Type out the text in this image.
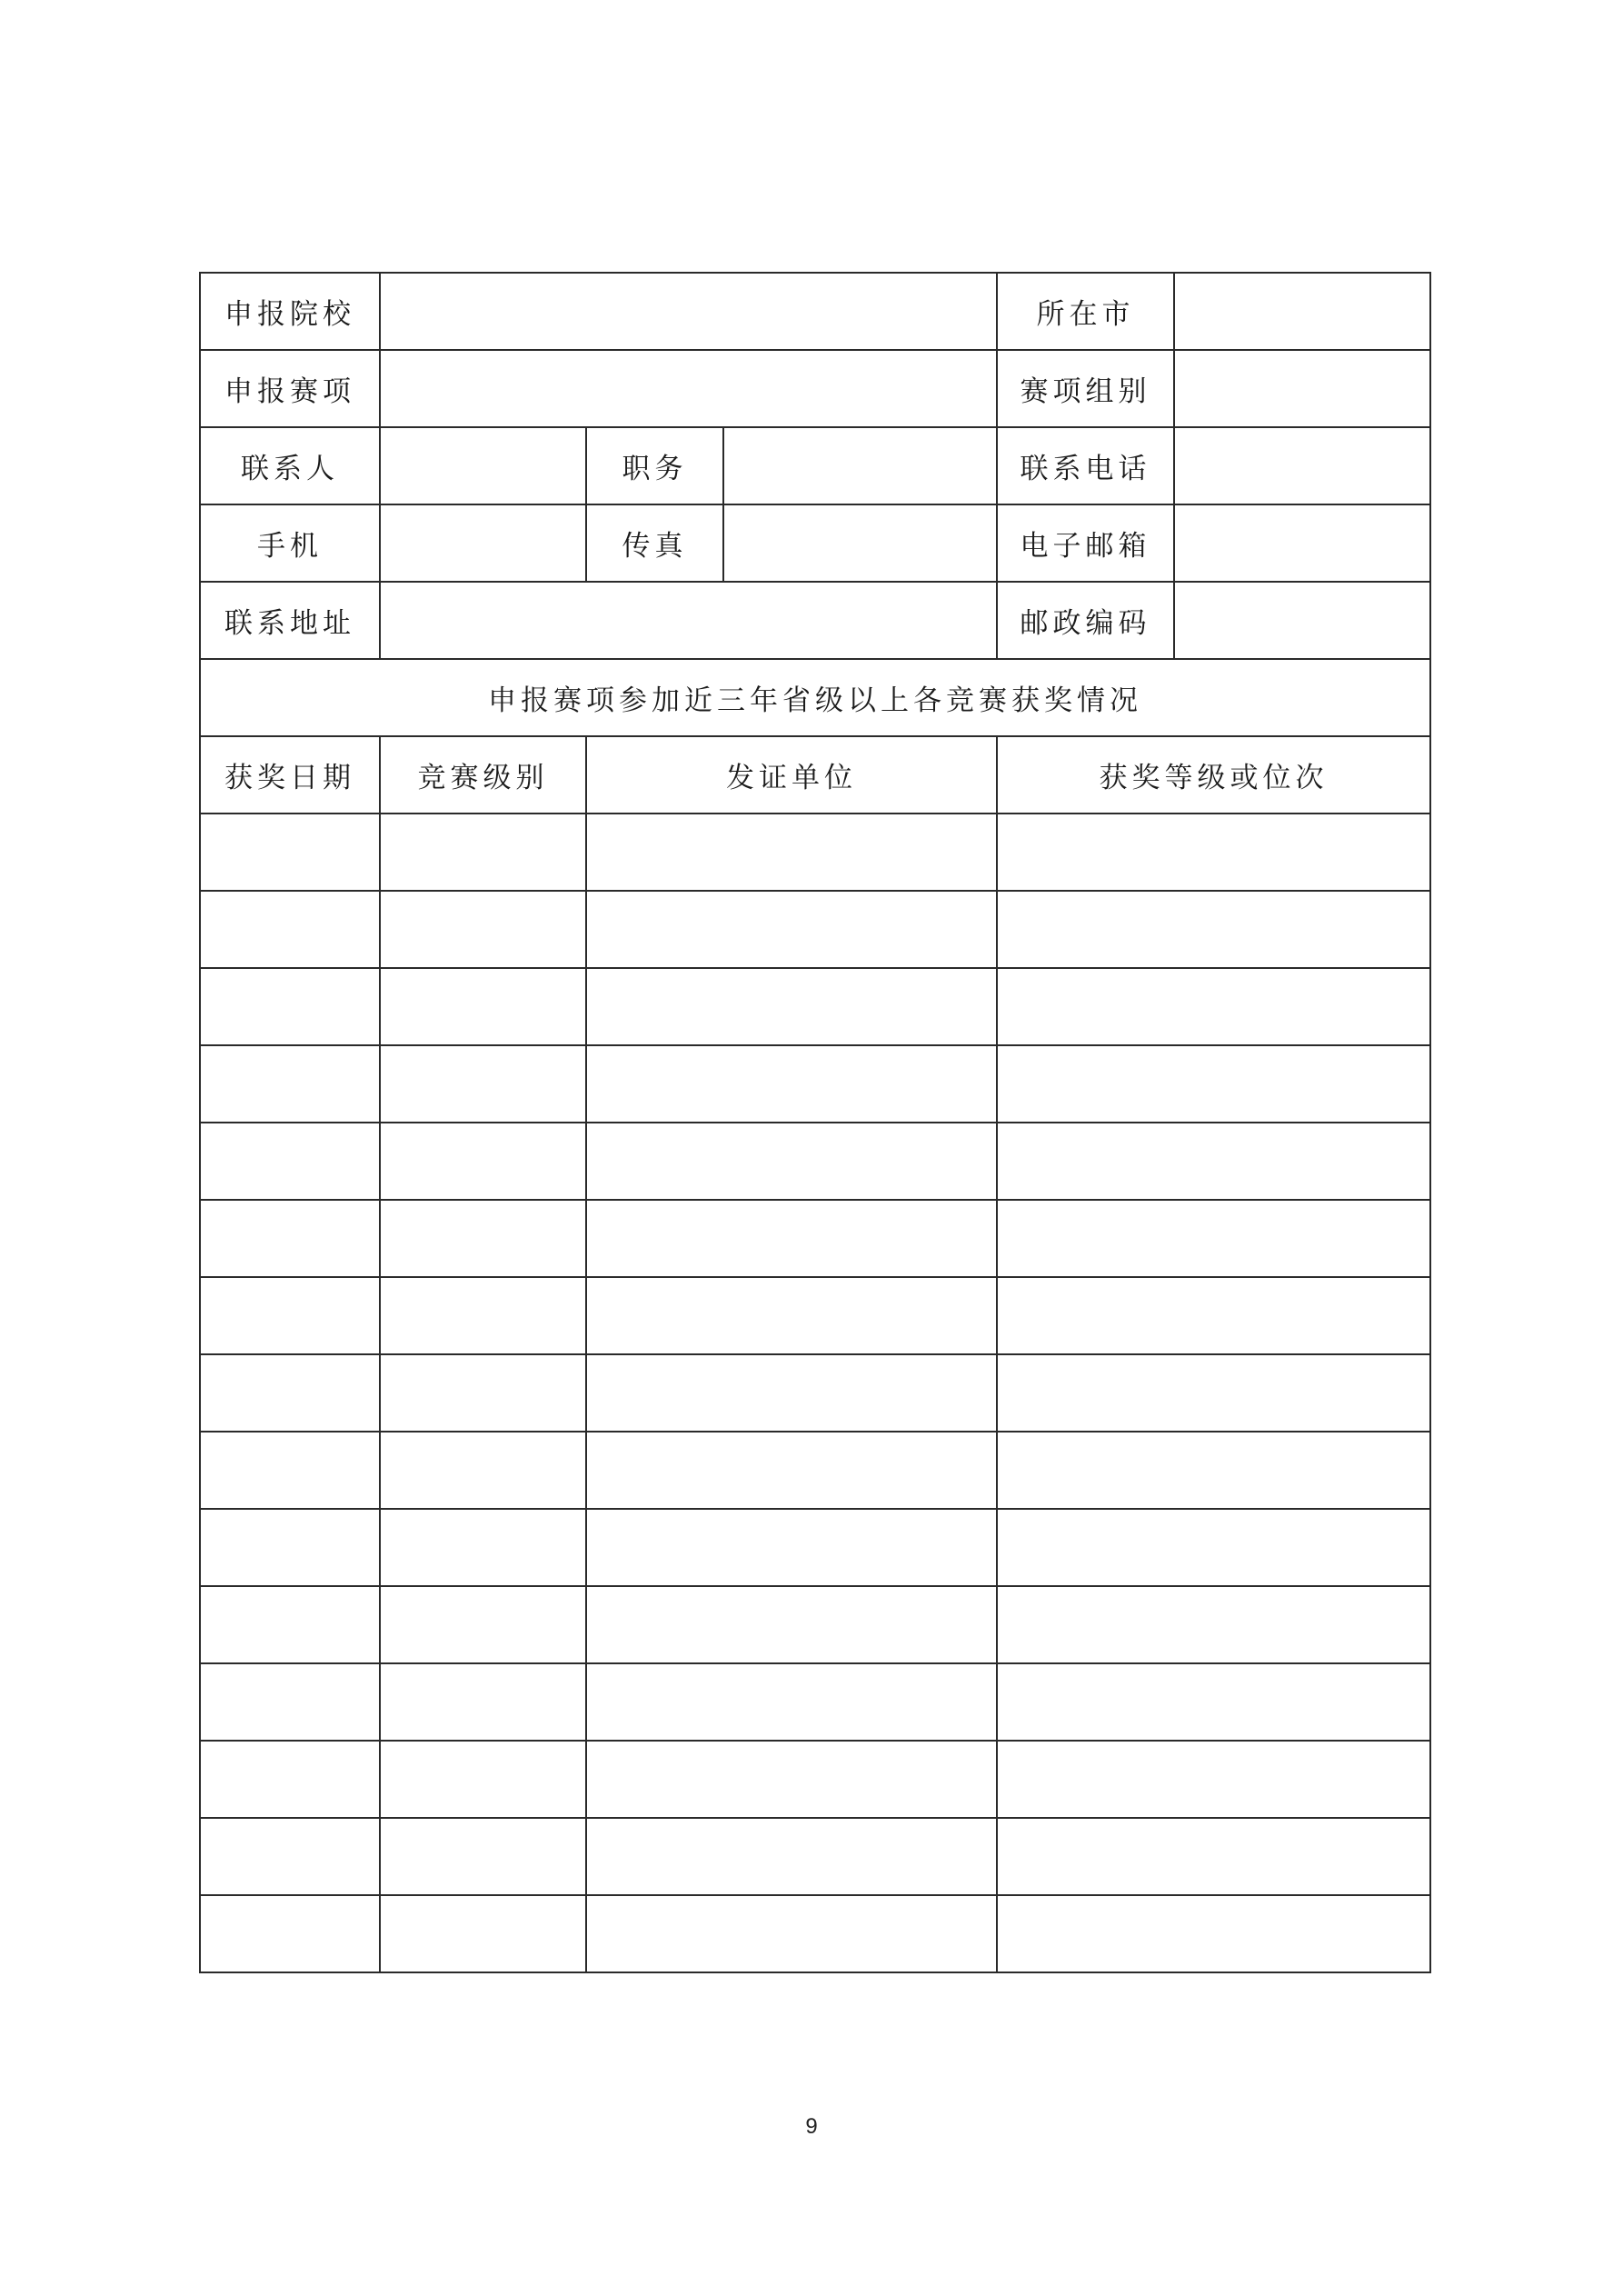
申报院校				所在市	
申报赛项				赛项组别	
联系人		职务		联系电话	
手机		传真		电子邮箱	
联系地址				邮政编码	
申报赛项参加近三年省级以上各竞赛获奖情况					
获奖日期	竞赛级别	发证单位		获奖等级或位次	

9
